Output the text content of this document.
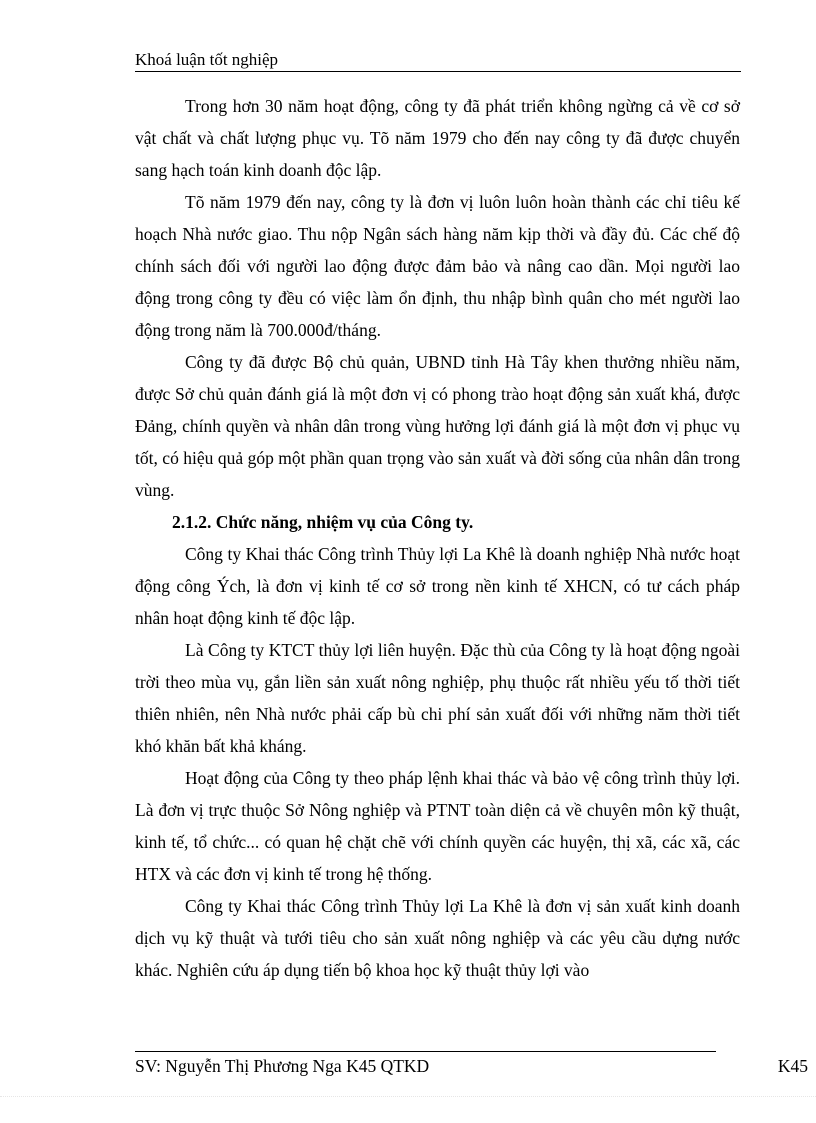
Khoá luận tốt nghiệp

Trong hơn 30 năm hoạt động, công ty đã phát triển không ngừng cả về cơ sở vật chất và chất lượng phục vụ. Tõ năm 1979 cho đến nay công ty đã được chuyển sang hạch toán kinh doanh độc lập.

Tõ năm 1979 đến nay, công ty là đơn vị luôn luôn hoàn thành các chỉ tiêu kế hoạch Nhà nước giao. Thu nộp Ngân sách hàng năm kịp thời và đầy đủ. Các chế độ chính sách đối với người lao động được đảm bảo và nâng cao dần. Mọi người lao động trong công ty đều có việc làm ổn định, thu nhập bình quân cho mét người lao động trong năm là 700.000đ/tháng.

Công ty đã được Bộ chủ quản, UBND tỉnh Hà Tây khen thưởng nhiều năm, được Sở chủ quản đánh giá là một đơn vị có phong trào hoạt động sản xuất khá, được Đảng, chính quyền và nhân dân trong vùng hưởng lợi đánh giá là một đơn vị phục vụ tốt, có hiệu quả góp một phần quan trọng vào sản xuất và đời sống của nhân dân trong vùng.

2.1.2. Chức năng, nhiệm vụ của Công ty.

Công ty Khai thác Công trình Thủy lợi La Khê là doanh nghiệp Nhà nước hoạt động công Ých, là đơn vị kinh tế cơ sở trong nền kinh tế XHCN, có tư cách pháp nhân hoạt động kinh tế độc lập.

Là Công ty KTCT thủy lợi liên huyện. Đặc thù của Công ty là hoạt động ngoài trời theo mùa vụ, gắn liền sản xuất nông nghiệp, phụ thuộc rất nhiều yếu tố thời tiết thiên nhiên, nên Nhà nước phải cấp bù chi phí sản xuất đối với những năm thời tiết khó khăn bất khả kháng.

Hoạt động của Công ty theo pháp lệnh khai thác và bảo vệ công trình thủy lợi. Là đơn vị trực thuộc Sở Nông nghiệp và PTNT toàn diện cả về chuyên môn kỹ thuật, kinh tế, tổ chức... có quan hệ chặt chẽ với chính quyền các huyện, thị xã, các xã, các HTX và các đơn vị kinh tế trong hệ thống.

Công ty Khai thác Công trình Thủy lợi La Khê là đơn vị sản xuất kinh doanh dịch vụ kỹ thuật và tưới tiêu cho sản xuất nông nghiệp và các yêu cầu dựng nước khác. Nghiên cứu áp dụng tiến bộ khoa học kỹ thuật thủy lợi vào

SV: Nguyễn Thị Phương Nga K45 QTKD	K45
